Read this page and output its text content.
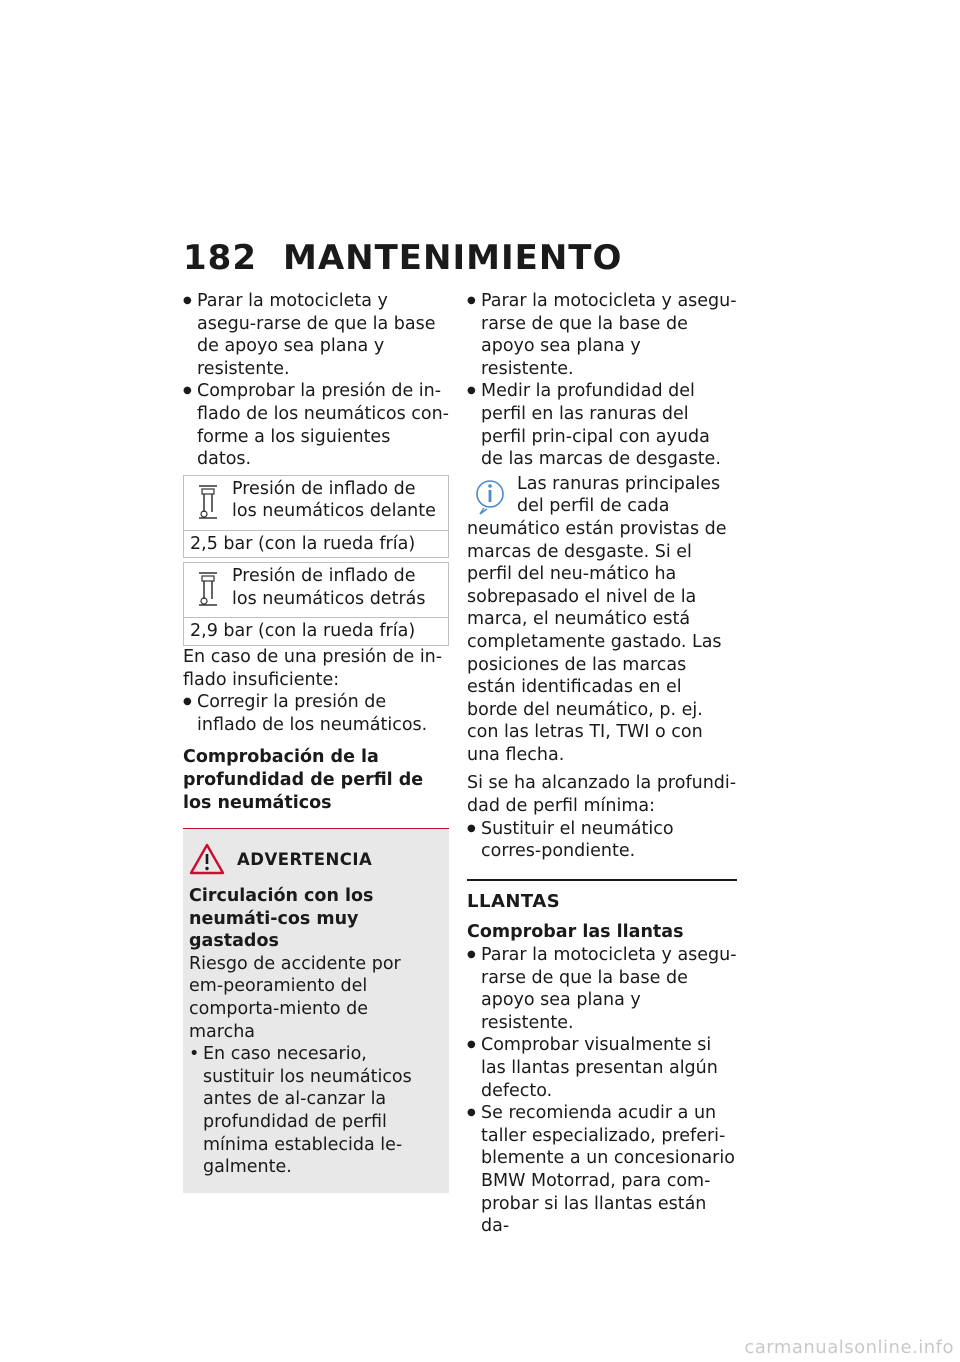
182 MANTENIMIENTO
● Parar la motocicleta y asegu-rarse de que la base de apoyo sea plana y resistente.
● Comprobar la presión de in-flado de los neumáticos con-forme a los siguientes datos.
Presión de inflado de los neumáticos delante
2,5 bar (con la rueda fría)
Presión de inflado de los neumáticos detrás
2,9 bar (con la rueda fría)

En caso de una presión de in-flado insuficiente:

● Corregir la presión de inflado de los neumáticos.

Comprobación de la profundidad de perfil de los neumáticos

ADVERTENCIA

Circulación con los neumáti-cos muy gastados

Riesgo de accidente por em-peoramiento del comporta-miento de marcha

• En caso necesario, sustituir los neumáticos antes de al-canzar la profundidad de perfil mínima establecida le-galmente.
● Parar la motocicleta y asegu-rarse de que la base de apoyo sea plana y resistente.
● Medir la profundidad del perfil en las ranuras del perfil prin-cipal con ayuda de las marcas de desgaste.

Las ranuras principales del perfil de cada neumático están provistas de marcas de desgaste. Si el perfil del neu-mático ha sobrepasado el nivel de la marca, el neumático está completamente gastado. Las posiciones de las marcas están identificadas en el borde del neumático, p. ej. con las letras TI, TWI o con una flecha.

Si se ha alcanzado la profundi-dad de perfil mínima:

● Sustituir el neumático corres-pondiente.

LLANTAS

Comprobar las llantas

● Parar la motocicleta y asegu-rarse de que la base de apoyo sea plana y resistente.
● Comprobar visualmente si las llantas presentan algún defecto.
● Se recomienda acudir a un taller especializado, preferi-blemente a un concesionario BMW Motorrad, para com-probar si las llantas están da-
carmanualsonline.info
